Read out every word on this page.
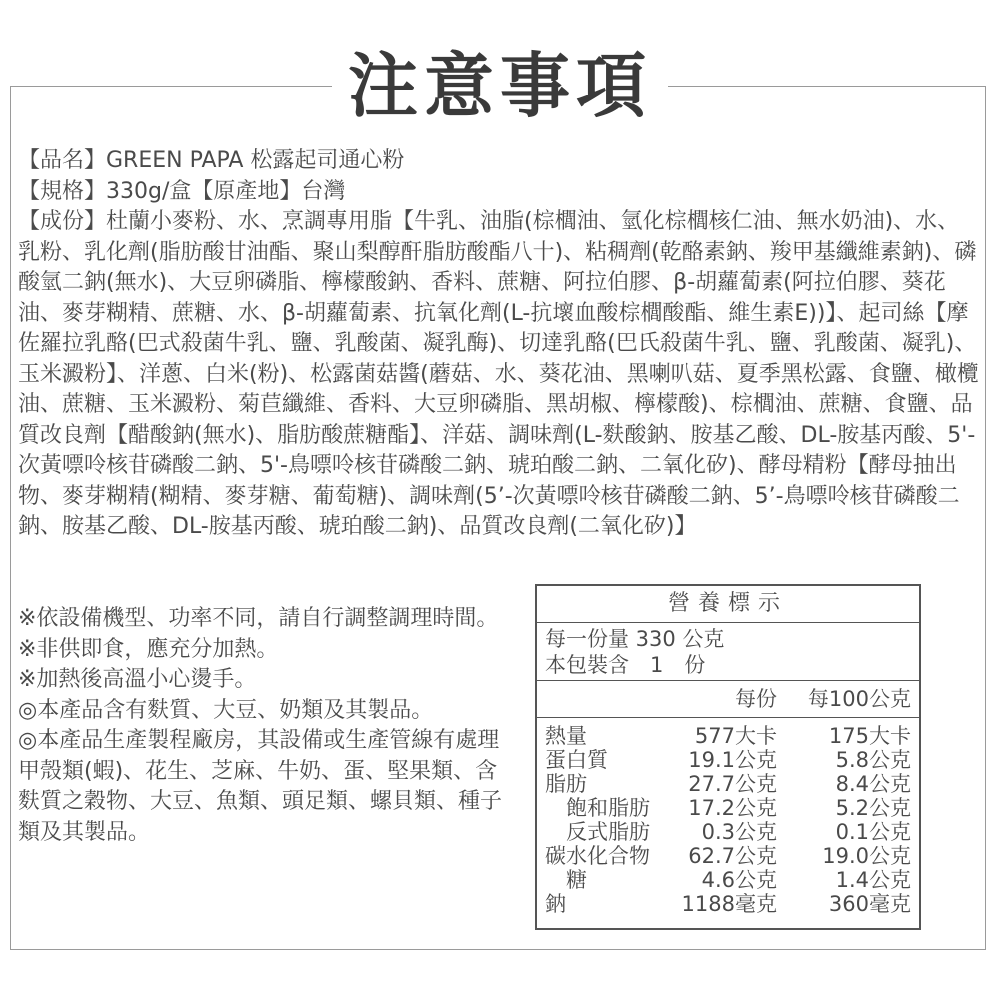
注意事項
【品名】GREEN PAPA 松露起司通心粉
【規格】330g/盒【原產地】台灣
【成份】杜蘭小麥粉、水、烹調專用脂【牛乳、油脂(棕櫚油、氫化棕櫚核仁油、無水奶油)、水、乳粉、乳化劑(脂肪酸甘油酯、聚山梨醇酐脂肪酸酯八十)、粘稠劑(乾酪素鈉、羧甲基纖維素鈉)、磷酸氫二鈉(無水)、大豆卵磷脂、檸檬酸鈉、香料、蔗糖、阿拉伯膠、β-胡蘿蔔素(阿拉伯膠、葵花油、麥芽糊精、蔗糖、水、β-胡蘿蔔素、抗氧化劑(L-抗壞血酸棕櫚酸酯、維生素E))】、起司絲【摩佐羅拉乳酪(巴式殺菌牛乳、鹽、乳酸菌、凝乳酶)、切達乳酪(巴氏殺菌牛乳、鹽、乳酸菌、凝乳)、玉米澱粉】、洋蔥、白米(粉)、松露菌菇醬(蘑菇、水、葵花油、黑喇叭菇、夏季黑松露、食鹽、橄欖油、蔗糖、玉米澱粉、菊苣纖維、香料、大豆卵磷脂、黑胡椒、檸檬酸)、棕櫚油、蔗糖、食鹽、品質改良劑【醋酸鈉(無水)、脂肪酸蔗糖酯】、洋菇、調味劑(L-麩酸鈉、胺基乙酸、DL-胺基丙酸、5'-次黃嘌呤核苷磷酸二鈉、5'-鳥嘌呤核苷磷酸二鈉、琥珀酸二鈉、二氧化矽)、酵母精粉【酵母抽出物、麥芽糊精(糊精、麥芽糖、葡萄糖)、調味劑(5’-次黃嘌呤核苷磷酸二鈉、5’-鳥嘌呤核苷磷酸二鈉、胺基乙酸、DL-胺基丙酸、琥珀酸二鈉)、品質改良劑(二氧化矽)】
※依設備機型、功率不同，請自行調整調理時間。
※非供即食，應充分加熱。
※加熱後高溫小心燙手。
◎本產品含有麩質、大豆、奶類及其製品。
◎本產品生產製程廠房，其設備或生產管線有處理甲殼類(蝦)、花生、芝麻、牛奶、蛋、堅果類、含麩質之穀物、大豆、魚類、頭足類、螺貝類、種子類及其製品。
營養標示
每一份量 330 公克
本包裝含　1　份
每份 每100公克
熱量	577大卡 175大卡
蛋白質	19.1公克	5.8公克
脂肪	27.7公克	8.4公克
　飽和脂肪 17.2公克	5.2公克
　反式脂肪 0.3公克	0.1公克
碳水化合物 62.7公克 19.0公克
　糖	4.6公克	1.4公克
鈉	1188毫克 360毫克
